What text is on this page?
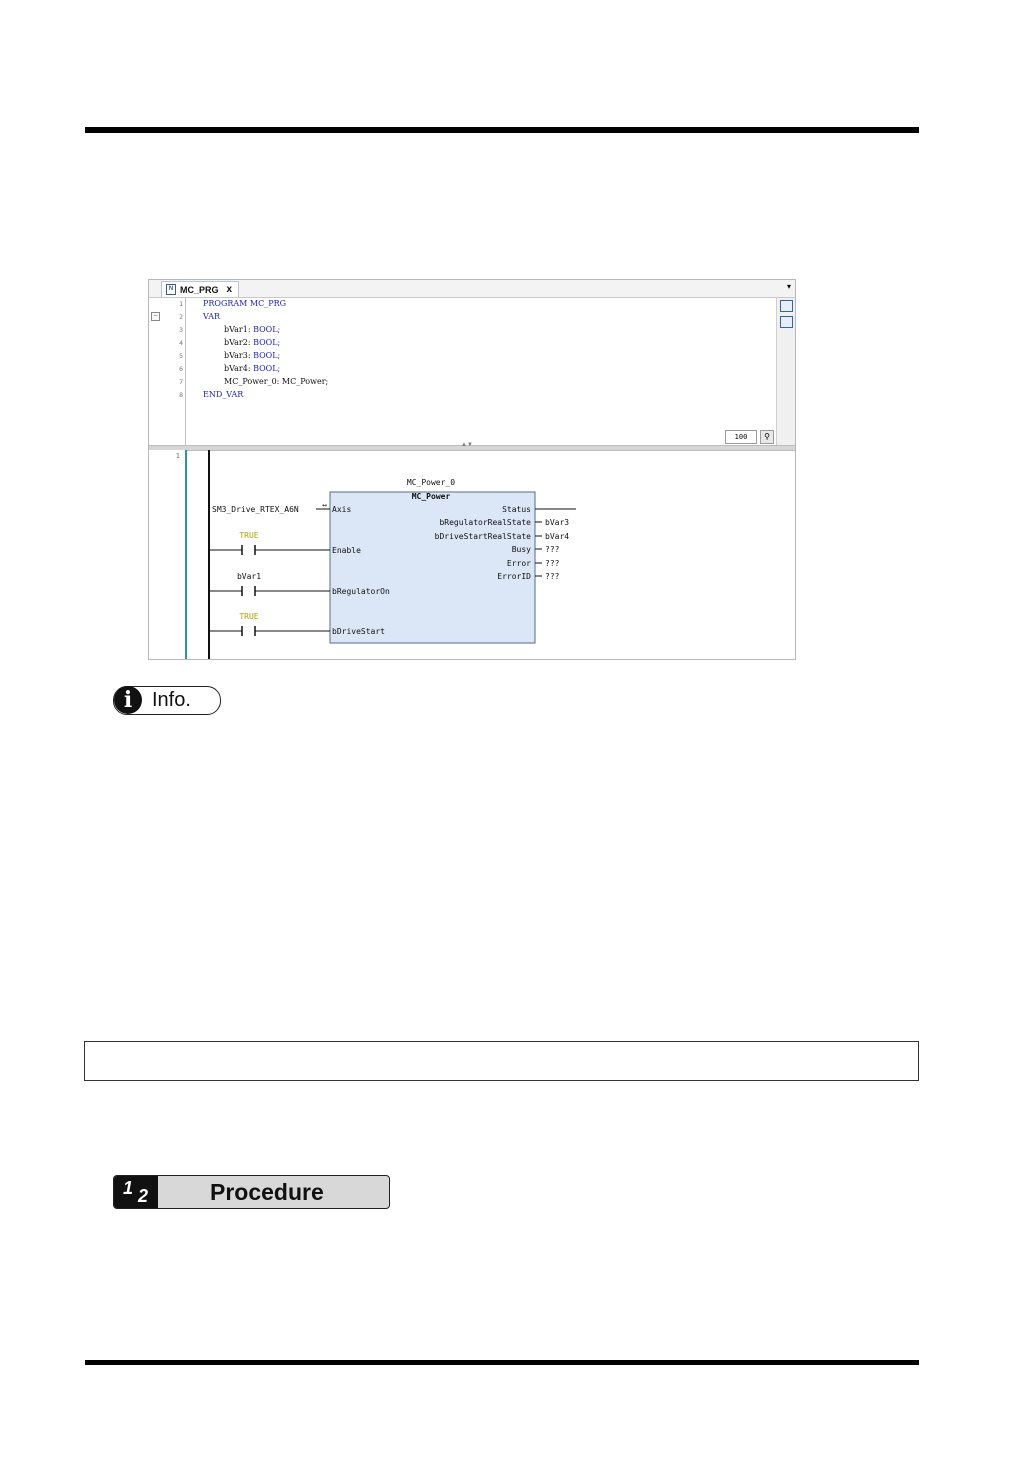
N MC_PRG x	▾
−
1
2
3
4
5
6
7
8
PROGRAM MC_PRG
VAR
bVar1: BOOL;
bVar2: BOOL;
bVar3: BOOL;
bVar4: BOOL;
MC_Power_0: MC_Power;
END_VAR
100	⚲
▲▼
1
MC_Power_0
MC_Power
SM3_Drive_RTEX_A6N	↔ Axis
TRUE
Enable
bVar1
bRegulatorOn
TRUE
bDriveStart
Status
bRegulatorRealState bVar3
bDriveStartRealState bVar4
Busy ???
Error ???
ErrorID ???
i Info.
1 2	Procedure
